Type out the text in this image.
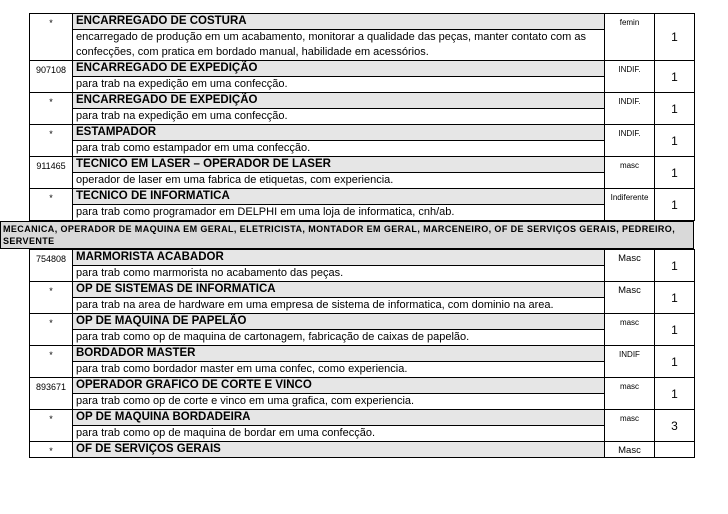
*	ENCARREGADO DE COSTURA	femin	1
	encarregado de produção em um acabamento, monitorar a qualidade das peças, manter contato com as confecções, com pratica em bordado manual, habilidade em acessórios.		
907108	ENCARREGADO DE EXPEDIÇÃO	INDIF.	1
	para trab na expedição em uma confecção.		
*	ENCARREGADO DE EXPEDIÇÃO	INDIF.	1
	para trab na expedição em uma confecção.		
*	ESTAMPADOR	INDIF.	1
	para trab como estampador em uma confecção.		
911465	TECNICO EM LASER – OPERADOR DE LASER	masc	1
	operador de laser em uma fabrica de etiquetas, com experiencia.		
*	TECNICO DE INFORMATICA	Indiferente	1
	para trab como programador em DELPHI em uma loja de informatica, cnh/ab.		
MECANICA, OPERADOR DE MAQUINA EM GERAL, ELETRICISTA, MONTADOR EM GERAL, MARCENEIRO, OF DE SERVIÇOS GERAIS, PEDREIRO, SERVENTE
754808	MARMORISTA ACABADOR	Masc	1
	para trab como marmorista no acabamento das peças.		
*	OP DE SISTEMAS DE INFORMATICA	Masc	1
	para trab na area de hardware em uma empresa de sistema de informatica, com dominio na area.		
*	OP DE MAQUINA DE PAPELÃO	masc	1
	para trab como op de maquina de cartonagem, fabricação de caixas de papelão.		
*	BORDADOR MASTER	INDIF	1
	para trab como bordador master em uma confec, como experiencia.		
893671	OPERADOR GRAFICO DE CORTE E VINCO	masc	1
	para trab como op de corte e vinco em uma grafica, com experiencia.		
*	OP DE MAQUINA BORDADEIRA	masc	3
	para trab como op de maquina de bordar em uma confecção.		
*	OF DE SERVIÇOS GERAIS	Masc	
